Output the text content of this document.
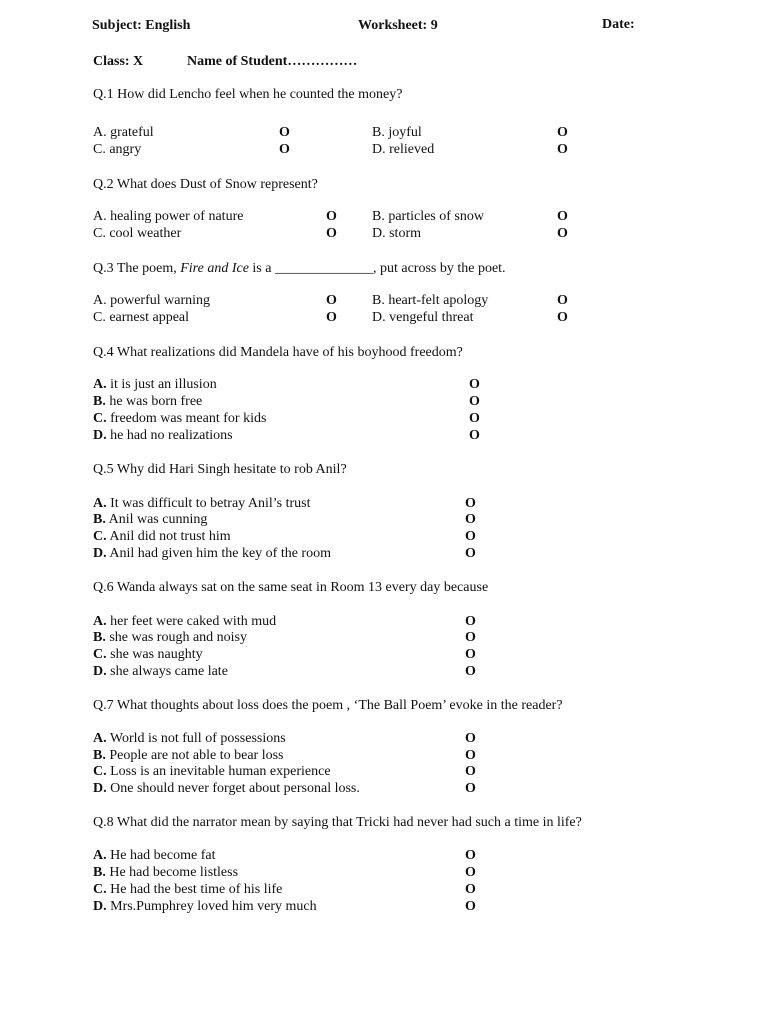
Subject: English	Worksheet: 9	Date:
Class: X	Name of Student……………
Q.1 How did Lencho feel when he counted the money?
A. grateful	O	B. joyful	O
C. angry	O	D. relieved	O
Q.2 What does Dust of Snow represent?
A. healing power of nature	O	B. particles of snow	O
C. cool weather	O	D. storm	O
Q.3 The poem, Fire and Ice is a ______________, put across by the poet.
A. powerful warning	O	B. heart-felt apology	O
C. earnest appeal	O	D. vengeful threat	O
Q.4 What realizations did Mandela have of his boyhood freedom?
A. it is just an illusion	O
B. he was born free	O
C. freedom was meant for kids	O
D. he had no realizations	O
Q.5 Why did Hari Singh hesitate to rob Anil?
A. It was difficult to betray Anil’s trust	O
B. Anil was cunning	O
C. Anil did not trust him	O
D. Anil had given him the key of the room	O
Q.6 Wanda always sat on the same seat in Room 13 every day because
A. her feet were caked with mud	O
B. she was rough and noisy	O
C. she was naughty	O
D. she always came late	O
Q.7 What thoughts about loss does the poem , ‘The Ball Poem’ evoke in the reader?
A. World is not full of possessions	O
B. People are not able to bear loss	O
C. Loss is an inevitable human experience	O
D. One should never forget about personal loss.	O
Q.8 What did the narrator mean by saying that Tricki had never had such a time in life?
A. He had become fat	O
B. He had become listless	O
C. He had the best time of his life	O
D. Mrs.Pumphrey loved him very much	O
